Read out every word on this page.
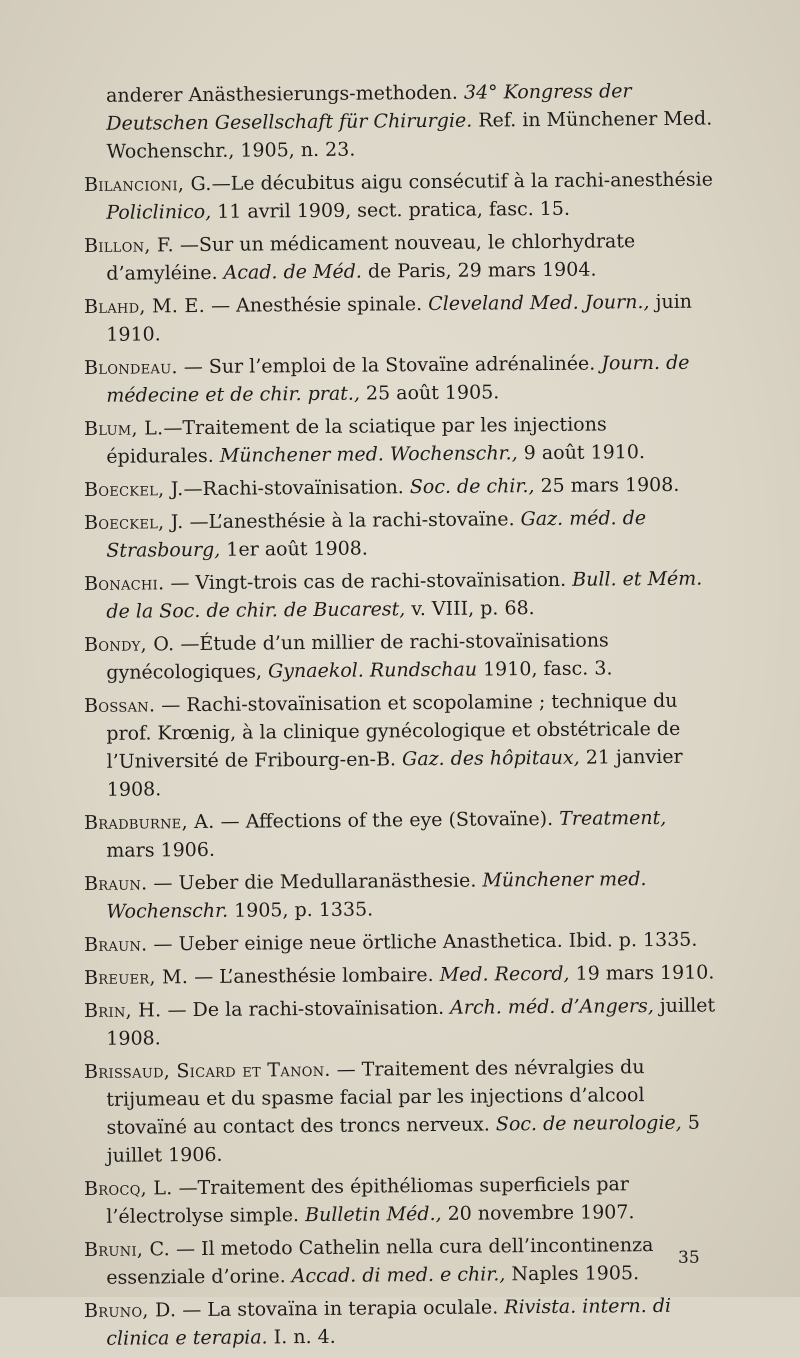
anderer Anästhesierungs-methoden. 34° Kongress der Deutschen Gesellschaft für Chirurgie. Ref. in Münchener Med. Wochenschr., 1905, n. 23.

Bilancioni, G.—Le décubitus aigu consécutif à la rachi-anesthésie Policlinico, 11 avril 1909, sect. pratica, fasc. 15.

Billon, F. —Sur un médicament nouveau, le chlorhydrate d’amyléine. Acad. de Méd. de Paris, 29 mars 1904.

Blahd, M. E. — Anesthésie spinale. Cleveland Med. Journ., juin 1910.

Blondeau. — Sur l’emploi de la Stovaïne adrénalinée. Journ. de médecine et de chir. prat., 25 août 1905.

Blum, L.—Traitement de la sciatique par les injections épidurales. Münchener med. Wochenschr., 9 août 1910.

Boeckel, J.—Rachi-stovaïnisation. Soc. de chir., 25 mars 1908.

Boeckel, J. —L’anesthésie à la rachi-stovaïne. Gaz. méd. de Strasbourg, 1er août 1908.

Bonachi. — Vingt-trois cas de rachi-stovaïnisation. Bull. et Mém. de la Soc. de chir. de Bucarest, v. VIII, p. 68.

Bondy, O. —Étude d’un millier de rachi-stovaïnisations gynécologiques, Gynaekol. Rundschau 1910, fasc. 3.

Bossan. — Rachi-stovaïnisation et scopolamine ; technique du prof. Krœnig, à la clinique gynécologique et obstétricale de l’Université de Fribourg-en-B. Gaz. des hôpitaux, 21 janvier 1908.

Bradburne, A. — Affections of the eye (Stovaïne). Treatment, mars 1906.

Braun. — Ueber die Medullaranästhesie. Münchener med. Wochenschr. 1905, p. 1335.

Braun. — Ueber einige neue örtliche Anasthetica. Ibid. p. 1335.

Breuer, M. — L’anesthésie lombaire. Med. Record, 19 mars 1910.

Brin, H. — De la rachi-stovaïnisation. Arch. méd. d’Angers, juillet 1908.

Brissaud, Sicard et Tanon. — Traitement des névralgies du trijumeau et du spasme facial par les injections d’alcool stovaïné au contact des troncs nerveux. Soc. de neurologie, 5 juillet 1906.

Brocq, L. —Traitement des épithéliomas superficiels par l’électrolyse simple. Bulletin Méd., 20 novembre 1907.

Bruni, C. — Il metodo Cathelin nella cura dell’incontinenza essenziale d’orine. Accad. di med. e chir., Naples 1905.

Bruno, D. — La stovaïna in terapia oculale. Rivista. intern. di clinica e terapia. I. n. 4.

35
